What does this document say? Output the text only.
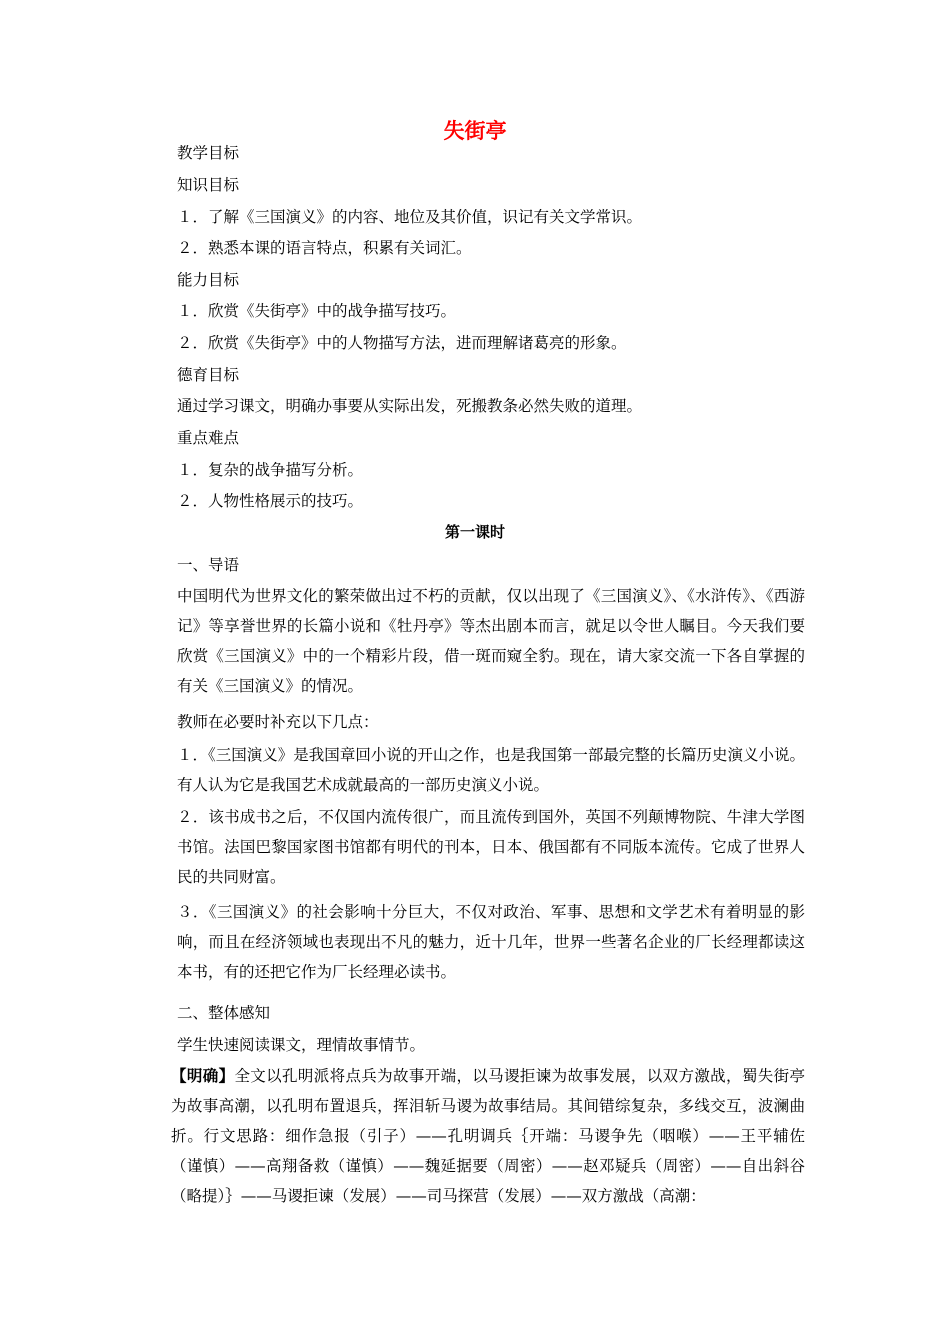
失街亭
教学目标
知识目标
１．了解《三国演义》的内容、地位及其价值，识记有关文学常识。
２．熟悉本课的语言特点，积累有关词汇。
能力目标
１．欣赏《失街亭》中的战争描写技巧。
２．欣赏《失街亭》中的人物描写方法，进而理解诸葛亮的形象。
德育目标
通过学习课文，明确办事要从实际出发，死搬教条必然失败的道理。
重点难点
１．复杂的战争描写分析。
２．人物性格展示的技巧。
第一课时
一、导语
中国明代为世界文化的繁荣做出过不朽的贡献，仅以出现了《三国演义》、《水浒传》、《西游记》等享誉世界的长篇小说和《牡丹亭》等杰出剧本而言，就足以令世人瞩目。今天我们要欣赏《三国演义》中的一个精彩片段，借一斑而窥全豹。现在，请大家交流一下各自掌握的有关《三国演义》的情况。
教师在必要时补充以下几点：
１．《三国演义》是我国章回小说的开山之作，也是我国第一部最完整的长篇历史演义小说。有人认为它是我国艺术成就最高的一部历史演义小说。
２．该书成书之后，不仅国内流传很广，而且流传到国外，英国不列颠博物院、牛津大学图书馆。法国巴黎国家图书馆都有明代的刊本，日本、俄国都有不同版本流传。它成了世界人民的共同财富。
３．《三国演义》的社会影响十分巨大，不仅对政治、军事、思想和文学艺术有着明显的影响，而且在经济领域也表现出不凡的魅力，近十几年，世界一些著名企业的厂长经理都读这本书，有的还把它作为厂长经理必读书。
二、整体感知
学生快速阅读课文，理情故事情节。
【明确】全文以孔明派将点兵为故事开端，以马谡拒谏为故事发展，以双方激战，蜀失街亭为故事高潮，以孔明布置退兵，挥泪斩马谡为故事结局。其间错综复杂，多线交互，波澜曲折。行文思路：细作急报（引子）——孔明调兵｛开端：马谡争先（咽喉）——王平辅佐（谨慎）——高翔备救（谨慎）——魏延据要（周密）——赵邓疑兵（周密）——自出斜谷（略提）｝——马谡拒谏（发展）——司马探营（发展）——双方激战（高潮：
